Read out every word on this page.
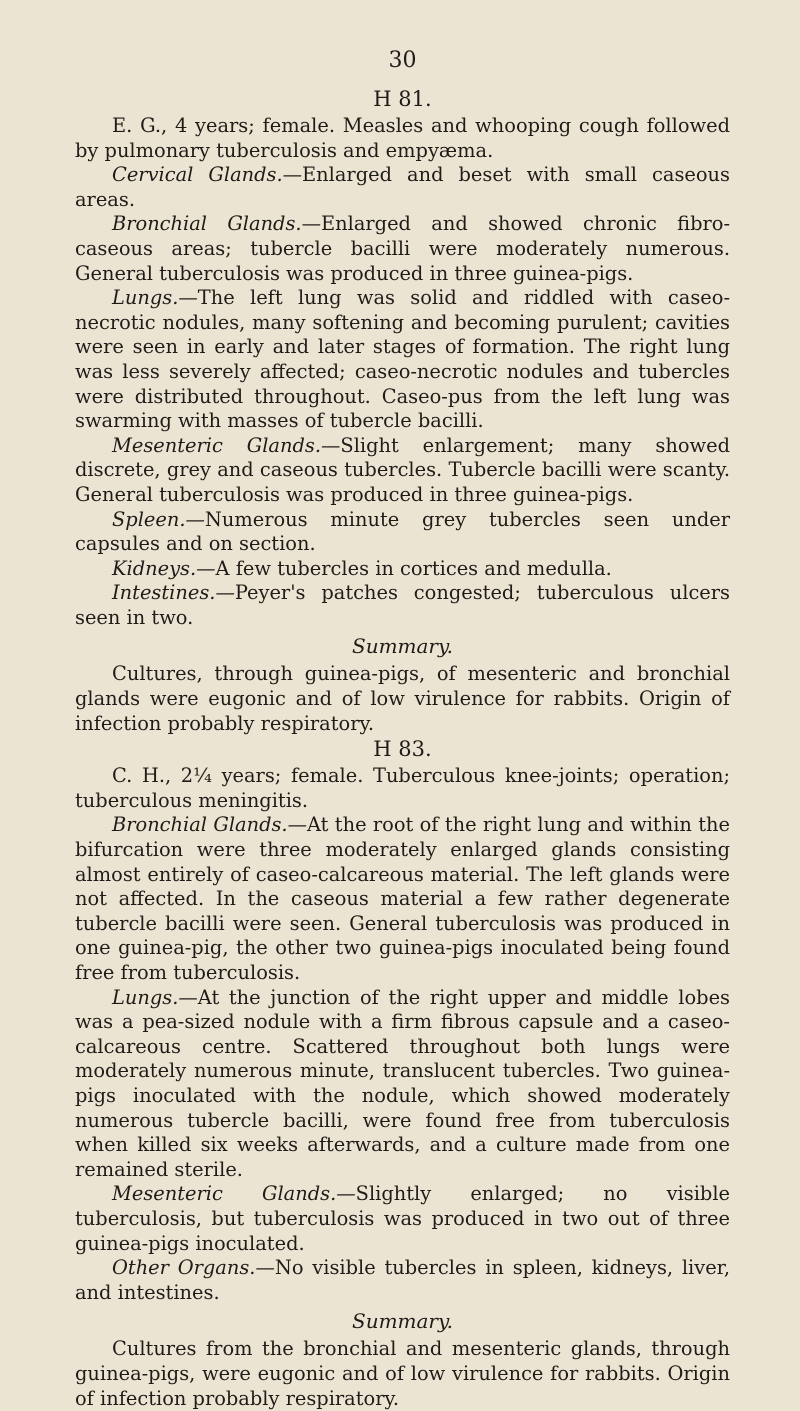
30
H 81.

E. G., 4 years; female. Measles and whooping cough followed by pulmonary tuberculosis and empyæma.

Cervical Glands.—Enlarged and beset with small caseous areas.

Bronchial Glands.—Enlarged and showed chronic fibro-caseous areas; tubercle bacilli were moderately numerous. General tuberculosis was produced in three guinea-pigs.

Lungs.—The left lung was solid and riddled with caseo-necrotic nodules, many softening and becoming purulent; cavities were seen in early and later stages of formation. The right lung was less severely affected; caseo-necrotic nodules and tubercles were distributed throughout. Caseo-pus from the left lung was swarming with masses of tubercle bacilli.

Mesenteric Glands.—Slight enlargement; many showed discrete, grey and caseous tubercles. Tubercle bacilli were scanty. General tuberculosis was produced in three guinea-pigs.

Spleen.—Numerous minute grey tubercles seen under capsules and on section.

Kidneys.—A few tubercles in cortices and medulla.

Intestines.—Peyer's patches congested; tuberculous ulcers seen in two.

Summary.

Cultures, through guinea-pigs, of mesenteric and bronchial glands were eugonic and of low virulence for rabbits. Origin of infection probably respiratory.

H 83.

C. H., 2¼ years; female. Tuberculous knee-joints; operation; tuberculous meningitis.

Bronchial Glands.—At the root of the right lung and within the bifurcation were three moderately enlarged glands consisting almost entirely of caseo-calcareous material. The left glands were not affected. In the caseous material a few rather degenerate tubercle bacilli were seen. General tuberculosis was produced in one guinea-pig, the other two guinea-pigs inoculated being found free from tuberculosis.

Lungs.—At the junction of the right upper and middle lobes was a pea-sized nodule with a firm fibrous capsule and a caseo-calcareous centre. Scattered throughout both lungs were moderately numerous minute, translucent tubercles. Two guinea-pigs inoculated with the nodule, which showed moderately numerous tubercle bacilli, were found free from tuberculosis when killed six weeks afterwards, and a culture made from one remained sterile.

Mesenteric Glands.—Slightly enlarged; no visible tuberculosis, but tuberculosis was produced in two out of three guinea-pigs inoculated.

Other Organs.—No visible tubercles in spleen, kidneys, liver, and intestines.

Summary.

Cultures from the bronchial and mesenteric glands, through guinea-pigs, were eugonic and of low virulence for rabbits. Origin of infection probably respiratory.
